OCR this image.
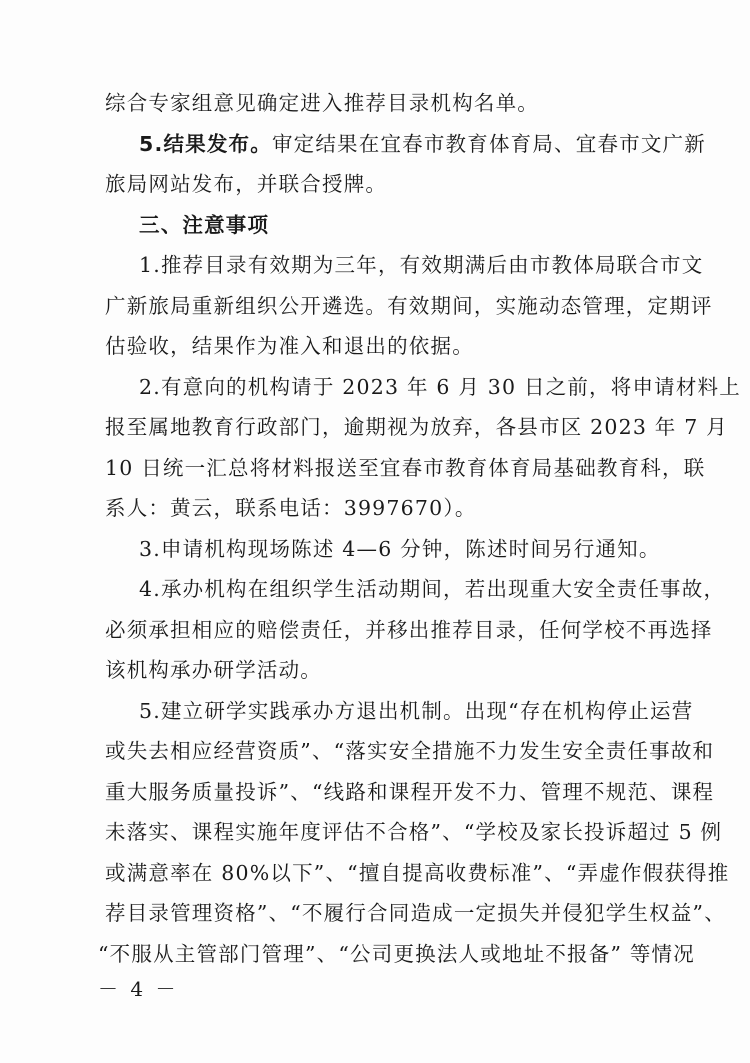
综合专家组意见确定进入推荐目录机构名单。
5.结果发布。审定结果在宜春市教育体育局、宜春市文广新
旅局网站发布，并联合授牌。
三、注意事项
1.推荐目录有效期为三年，有效期满后由市教体局联合市文
广新旅局重新组织公开遴选。有效期间，实施动态管理，定期评
估验收，结果作为准入和退出的依据。
2.有意向的机构请于 2023 年 6 月 30 日之前，将申请材料上
报至属地教育行政部门，逾期视为放弃，各县市区 2023 年 7 月
10 日统一汇总将材料报送至宜春市教育体育局基础教育科，联
系人：黄云，联系电话：3997670）。
3.申请机构现场陈述 4—6 分钟，陈述时间另行通知。
4.承办机构在组织学生活动期间，若出现重大安全责任事故，
必须承担相应的赔偿责任，并移出推荐目录，任何学校不再选择
该机构承办研学活动。
5.建立研学实践承办方退出机制。出现“存在机构停止运营
或失去相应经营资质”、“落实安全措施不力发生安全责任事故和
重大服务质量投诉”、“线路和课程开发不力、管理不规范、课程
未落实、课程实施年度评估不合格”、“学校及家长投诉超过 5 例
或满意率在 80%以下”、“擅自提高收费标准”、“弄虚作假获得推
荐目录管理资格”、“不履行合同造成一定损失并侵犯学生权益”、
“不服从主管部门管理”、“公司更换法人或地址不报备” 等情况
－ 4 －
